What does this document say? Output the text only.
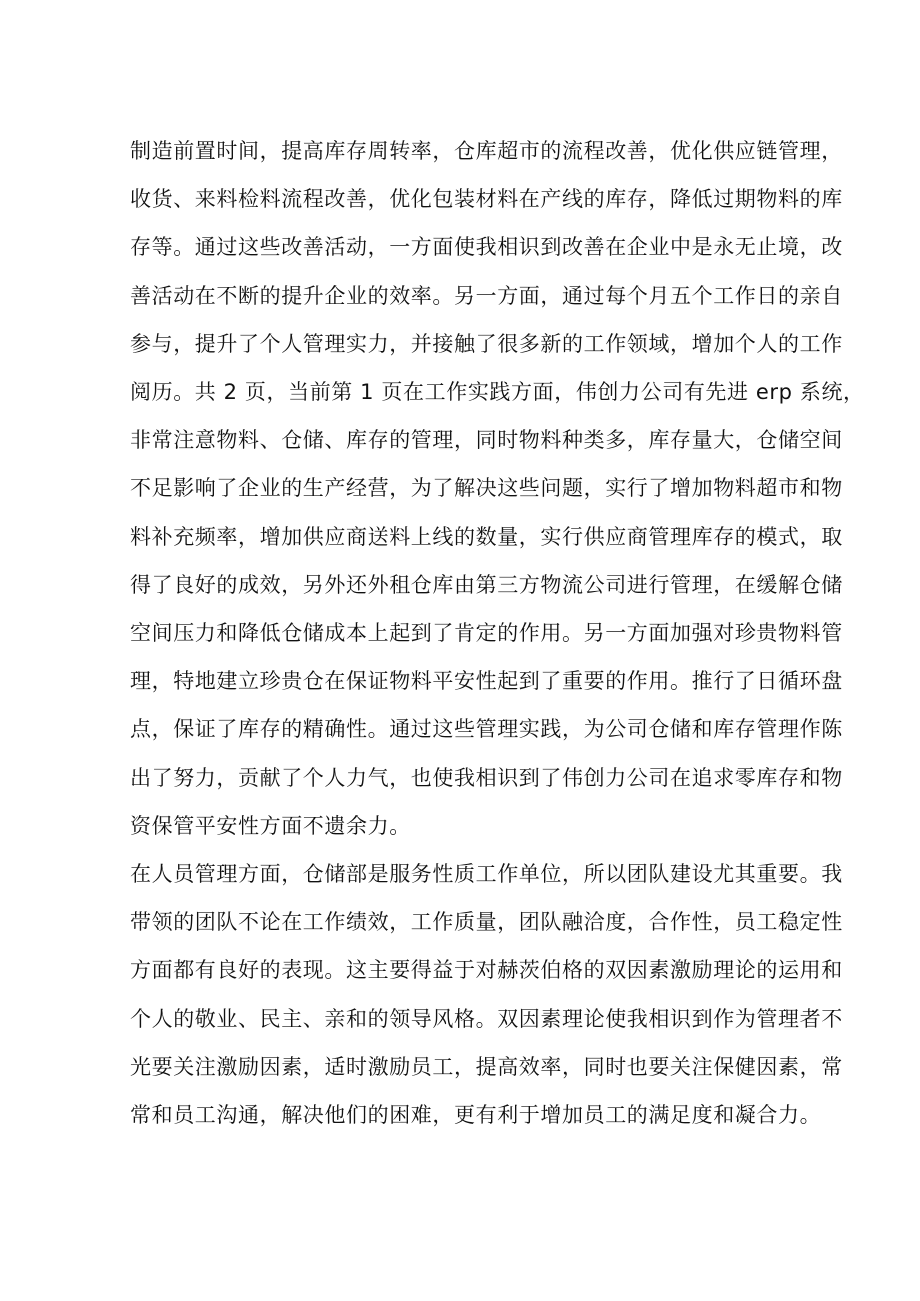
制造前置时间，提高库存周转率，仓库超市的流程改善，优化供应链管理，
收货、来料检料流程改善，优化包装材料在产线的库存，降低过期物料的库
存等。通过这些改善活动，一方面使我相识到改善在企业中是永无止境，改
善活动在不断的提升企业的效率。另一方面，通过每个月五个工作日的亲自
参与，提升了个人管理实力，并接触了很多新的工作领域，增加个人的工作
阅历。共 2 页，当前第 1 页在工作实践方面，伟创力公司有先进 erp 系统，
非常注意物料、仓储、库存的管理，同时物料种类多，库存量大，仓储空间
不足影响了企业的生产经营，为了解决这些问题，实行了增加物料超市和物
料补充频率，增加供应商送料上线的数量，实行供应商管理库存的模式，取
得了良好的成效，另外还外租仓库由第三方物流公司进行管理，在缓解仓储
空间压力和降低仓储成本上起到了肯定的作用。另一方面加强对珍贵物料管
理，特地建立珍贵仓在保证物料平安性起到了重要的作用。推行了日循环盘
点，保证了库存的精确性。通过这些管理实践，为公司仓储和库存管理作陈
出了努力，贡献了个人力气，也使我相识到了伟创力公司在追求零库存和物
资保管平安性方面不遗余力。
在人员管理方面，仓储部是服务性质工作单位，所以团队建设尤其重要。我
带领的团队不论在工作绩效，工作质量，团队融洽度，合作性，员工稳定性
方面都有良好的表现。这主要得益于对赫茨伯格的双因素激励理论的运用和
个人的敬业、民主、亲和的领导风格。双因素理论使我相识到作为管理者不
光要关注激励因素，适时激励员工，提高效率，同时也要关注保健因素，常
常和员工沟通，解决他们的困难，更有利于增加员工的满足度和凝合力。
